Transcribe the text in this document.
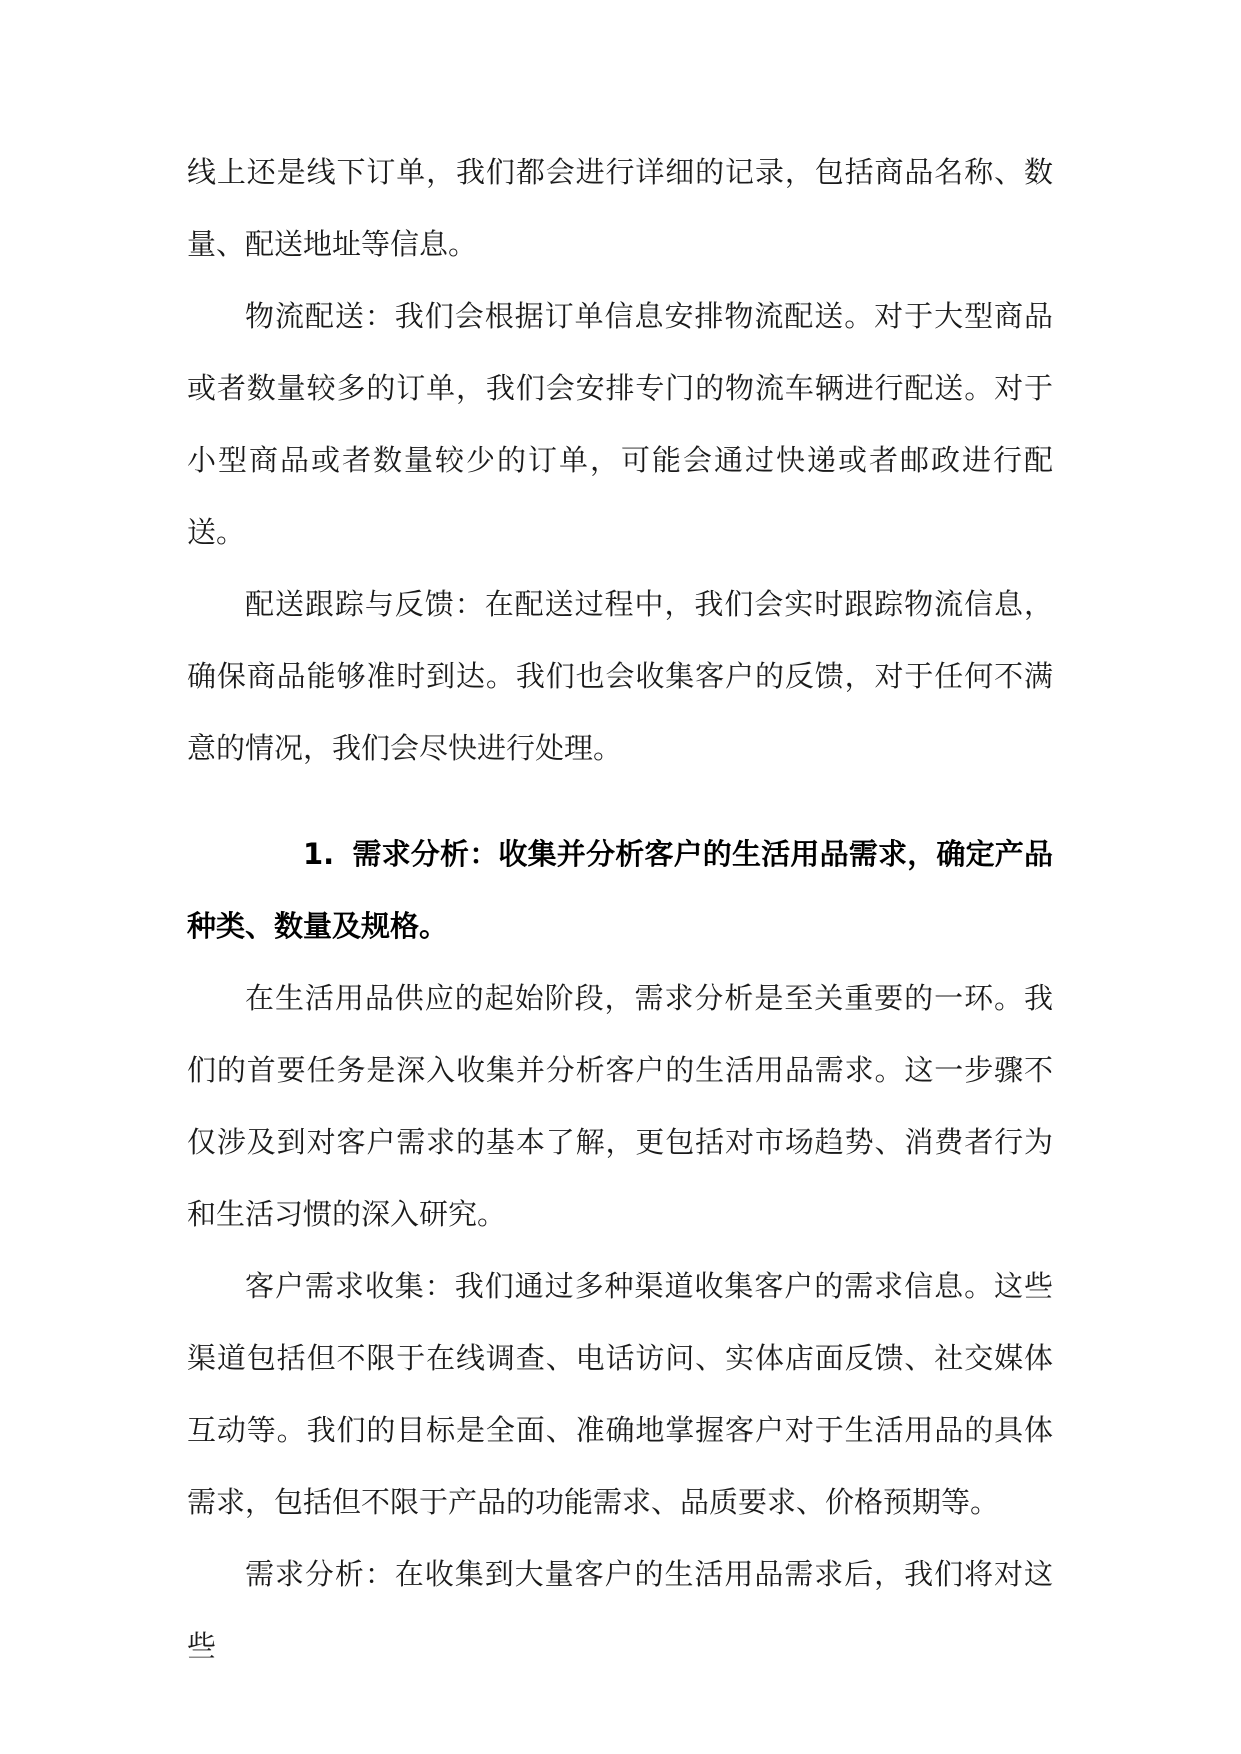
线上还是线下订单，我们都会进行详细的记录，包括商品名称、数量、配送地址等信息。

物流配送：我们会根据订单信息安排物流配送。对于大型商品或者数量较多的订单，我们会安排专门的物流车辆进行配送。对于小型商品或者数量较少的订单，可能会通过快递或者邮政进行配送。

配送跟踪与反馈：在配送过程中，我们会实时跟踪物流信息，确保商品能够准时到达。我们也会收集客户的反馈，对于任何不满意的情况，我们会尽快进行处理。

1. 需求分析：收集并分析客户的生活用品需求，确定产品种类、数量及规格。

在生活用品供应的起始阶段，需求分析是至关重要的一环。我们的首要任务是深入收集并分析客户的生活用品需求。这一步骤不仅涉及到对客户需求的基本了解，更包括对市场趋势、消费者行为和生活习惯的深入研究。

客户需求收集：我们通过多种渠道收集客户的需求信息。这些渠道包括但不限于在线调查、电话访问、实体店面反馈、社交媒体互动等。我们的目标是全面、准确地掌握客户对于生活用品的具体需求，包括但不限于产品的功能需求、品质要求、价格预期等。

需求分析：在收集到大量客户的生活用品需求后，我们将对这些
